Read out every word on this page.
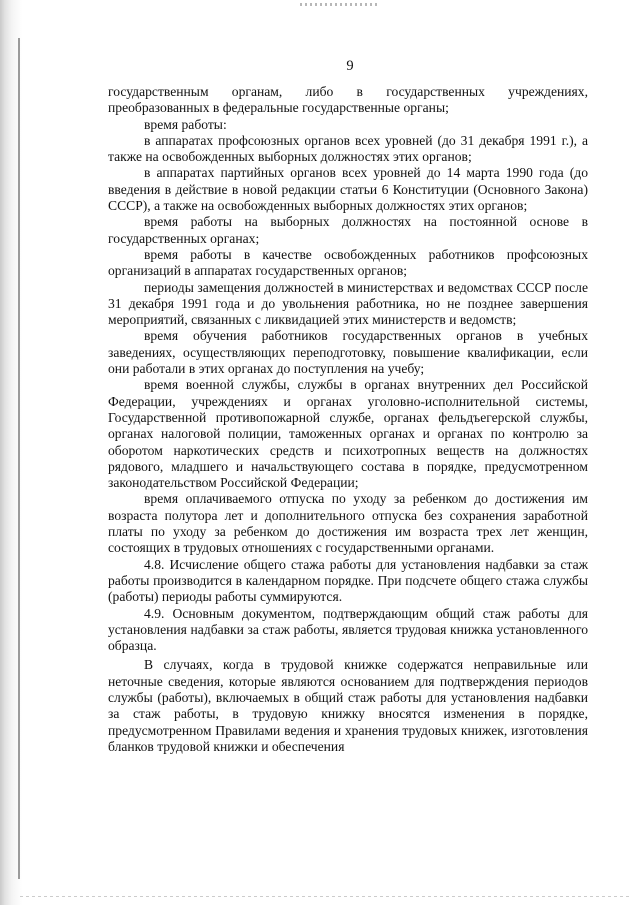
9

государственным органам, либо в государственных учреждениях, преобразованных в федеральные государственные органы;

время работы:

в аппаратах профсоюзных органов всех уровней (до 31 декабря 1991 г.), а также на освобожденных выборных должностях этих органов;

в аппаратах партийных органов всех уровней до 14 марта 1990 года (до введения в действие в новой редакции статьи 6 Конституции (Основного Закона) СССР), а также на освобожденных выборных должностях этих органов;

время работы на выборных должностях на постоянной основе в государственных органах;

время работы в качестве освобожденных работников профсоюзных организаций в аппаратах государственных органов;

периоды замещения должностей в министерствах и ведомствах СССР после 31 декабря 1991 года и до увольнения работника, но не позднее завершения мероприятий, связанных с ликвидацией этих министерств и ведомств;

время обучения работников государственных органов в учебных заведениях, осуществляющих переподготовку, повышение квалификации, если они работали в этих органах до поступления на учебу;

время военной службы, службы в органах внутренних дел Российской Федерации, учреждениях и органах уголовно-исполнительной системы, Государственной противопожарной службе, органах фельдъегерской службы, органах налоговой полиции, таможенных органах и органах по контролю за оборотом наркотических средств и психотропных веществ на должностях рядового, младшего и начальствующего состава в порядке, предусмотренном законодательством Российской Федерации;

время оплачиваемого отпуска по уходу за ребенком до достижения им возраста полутора лет и дополнительного отпуска без сохранения заработной платы по уходу за ребенком до достижения им возраста трех лет женщин, состоящих в трудовых отношениях с государственными органами.

4.8. Исчисление общего стажа работы для установления надбавки за стаж работы производится в календарном порядке. При подсчете общего стажа службы (работы) периоды работы суммируются.

4.9. Основным документом, подтверждающим общий стаж работы для установления надбавки за стаж работы, является трудовая книжка установленного образца.

В случаях, когда в трудовой книжке содержатся неправильные или неточные сведения, которые являются основанием для подтверждения периодов службы (работы), включаемых в общий стаж работы для установления надбавки за стаж работы, в трудовую книжку вносятся изменения в порядке, предусмотренном Правилами ведения и хранения трудовых книжек, изготовления бланков трудовой книжки и обеспечения
